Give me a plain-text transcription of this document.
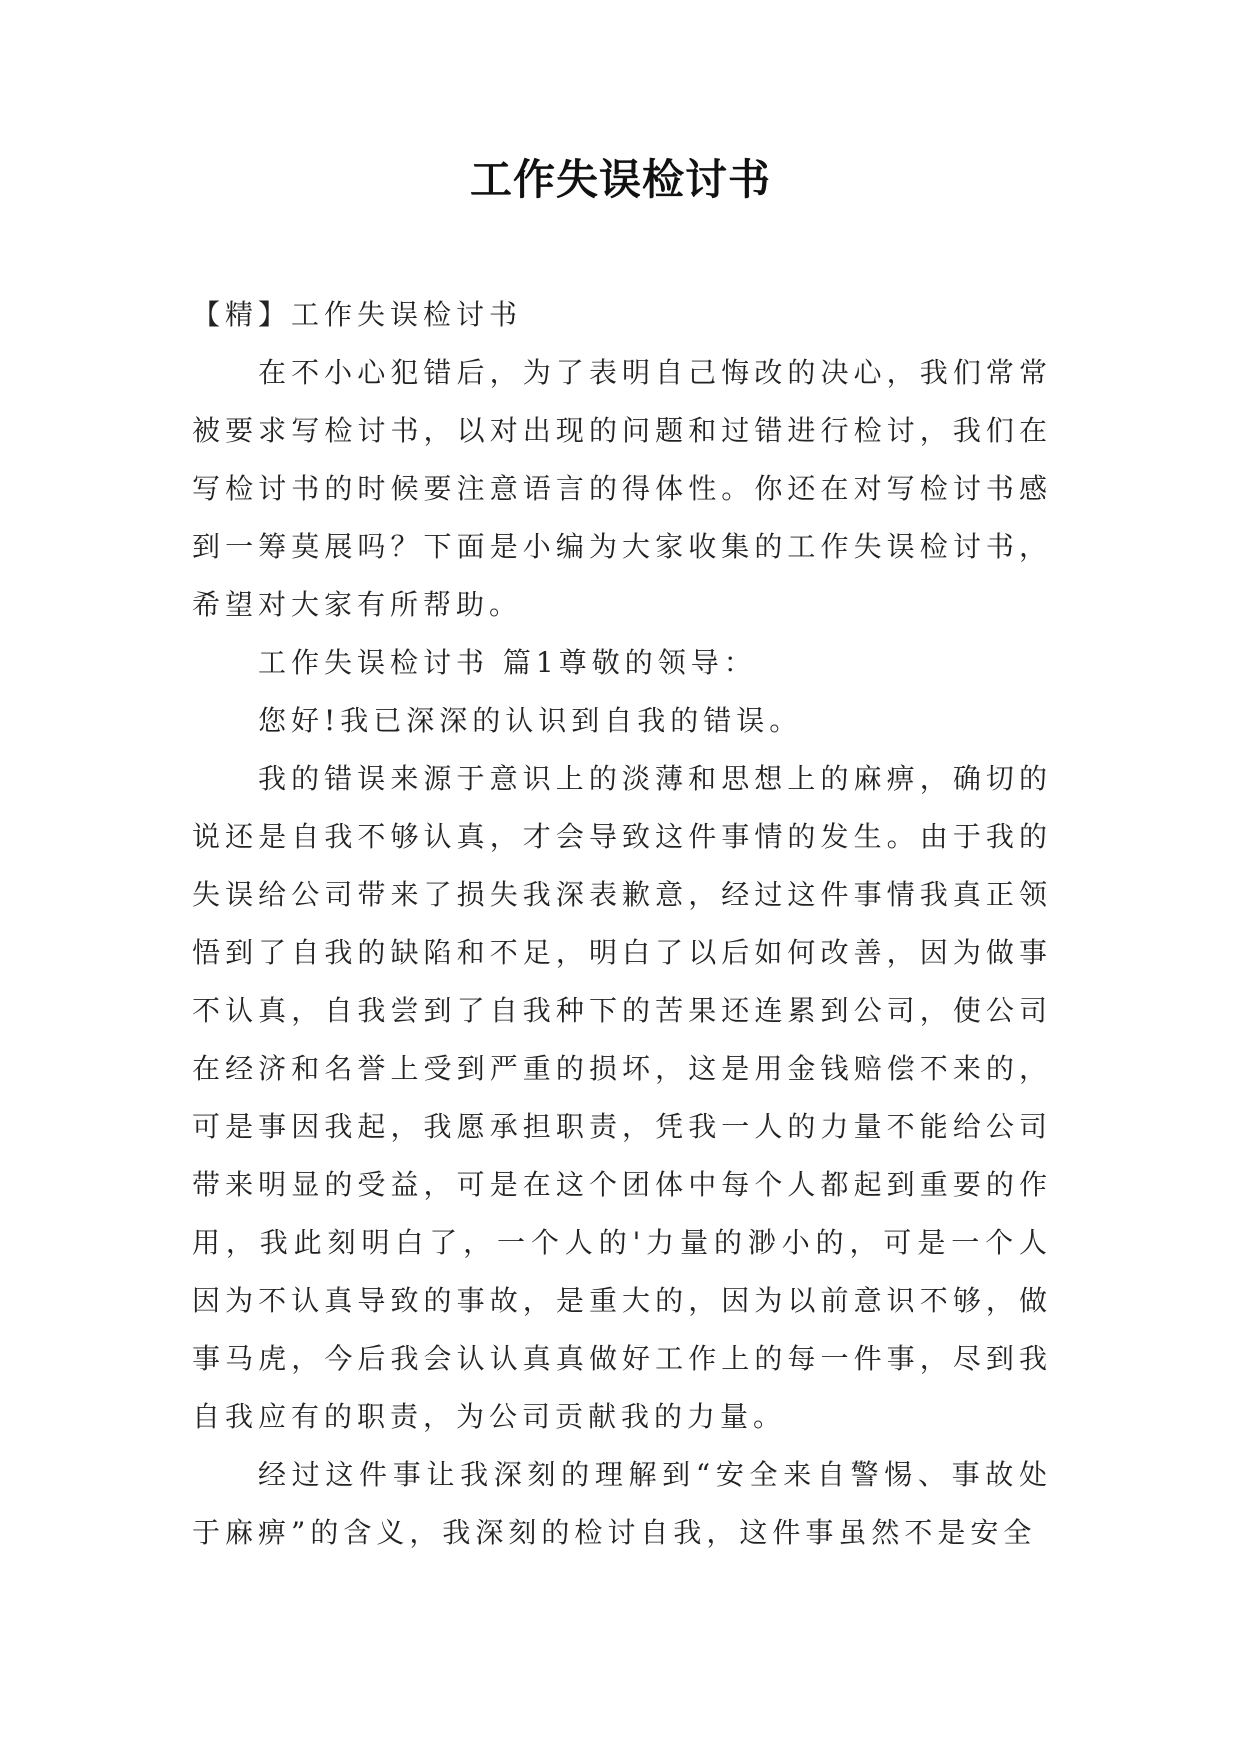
工作失误检讨书

【精】工作失误检讨书

在不小心犯错后，为了表明自己悔改的决心，我们常常被要求写检讨书，以对出现的问题和过错进行检讨，我们在写检讨书的时候要注意语言的得体性。你还在对写检讨书感到一筹莫展吗？下面是小编为大家收集的工作失误检讨书，希望对大家有所帮助。

工作失误检讨书 篇1尊敬的领导：

您好!我已深深的认识到自我的错误。

我的错误来源于意识上的淡薄和思想上的麻痹，确切的说还是自我不够认真，才会导致这件事情的发生。由于我的失误给公司带来了损失我深表歉意，经过这件事情我真正领悟到了自我的缺陷和不足，明白了以后如何改善，因为做事不认真，自我尝到了自我种下的苦果还连累到公司，使公司在经济和名誉上受到严重的损坏，这是用金钱赔偿不来的，可是事因我起，我愿承担职责，凭我一人的力量不能给公司带来明显的受益，可是在这个团体中每个人都起到重要的作用，我此刻明白了，一个人的'力量的渺小的，可是一个人因为不认真导致的事故，是重大的，因为以前意识不够，做事马虎，今后我会认认真真做好工作上的每一件事，尽到我自我应有的职责，为公司贡献我的力量。

经过这件事让我深刻的理解到“安全来自警惕、事故处于麻痹”的含义，我深刻的检讨自我，这件事虽然不是安全
